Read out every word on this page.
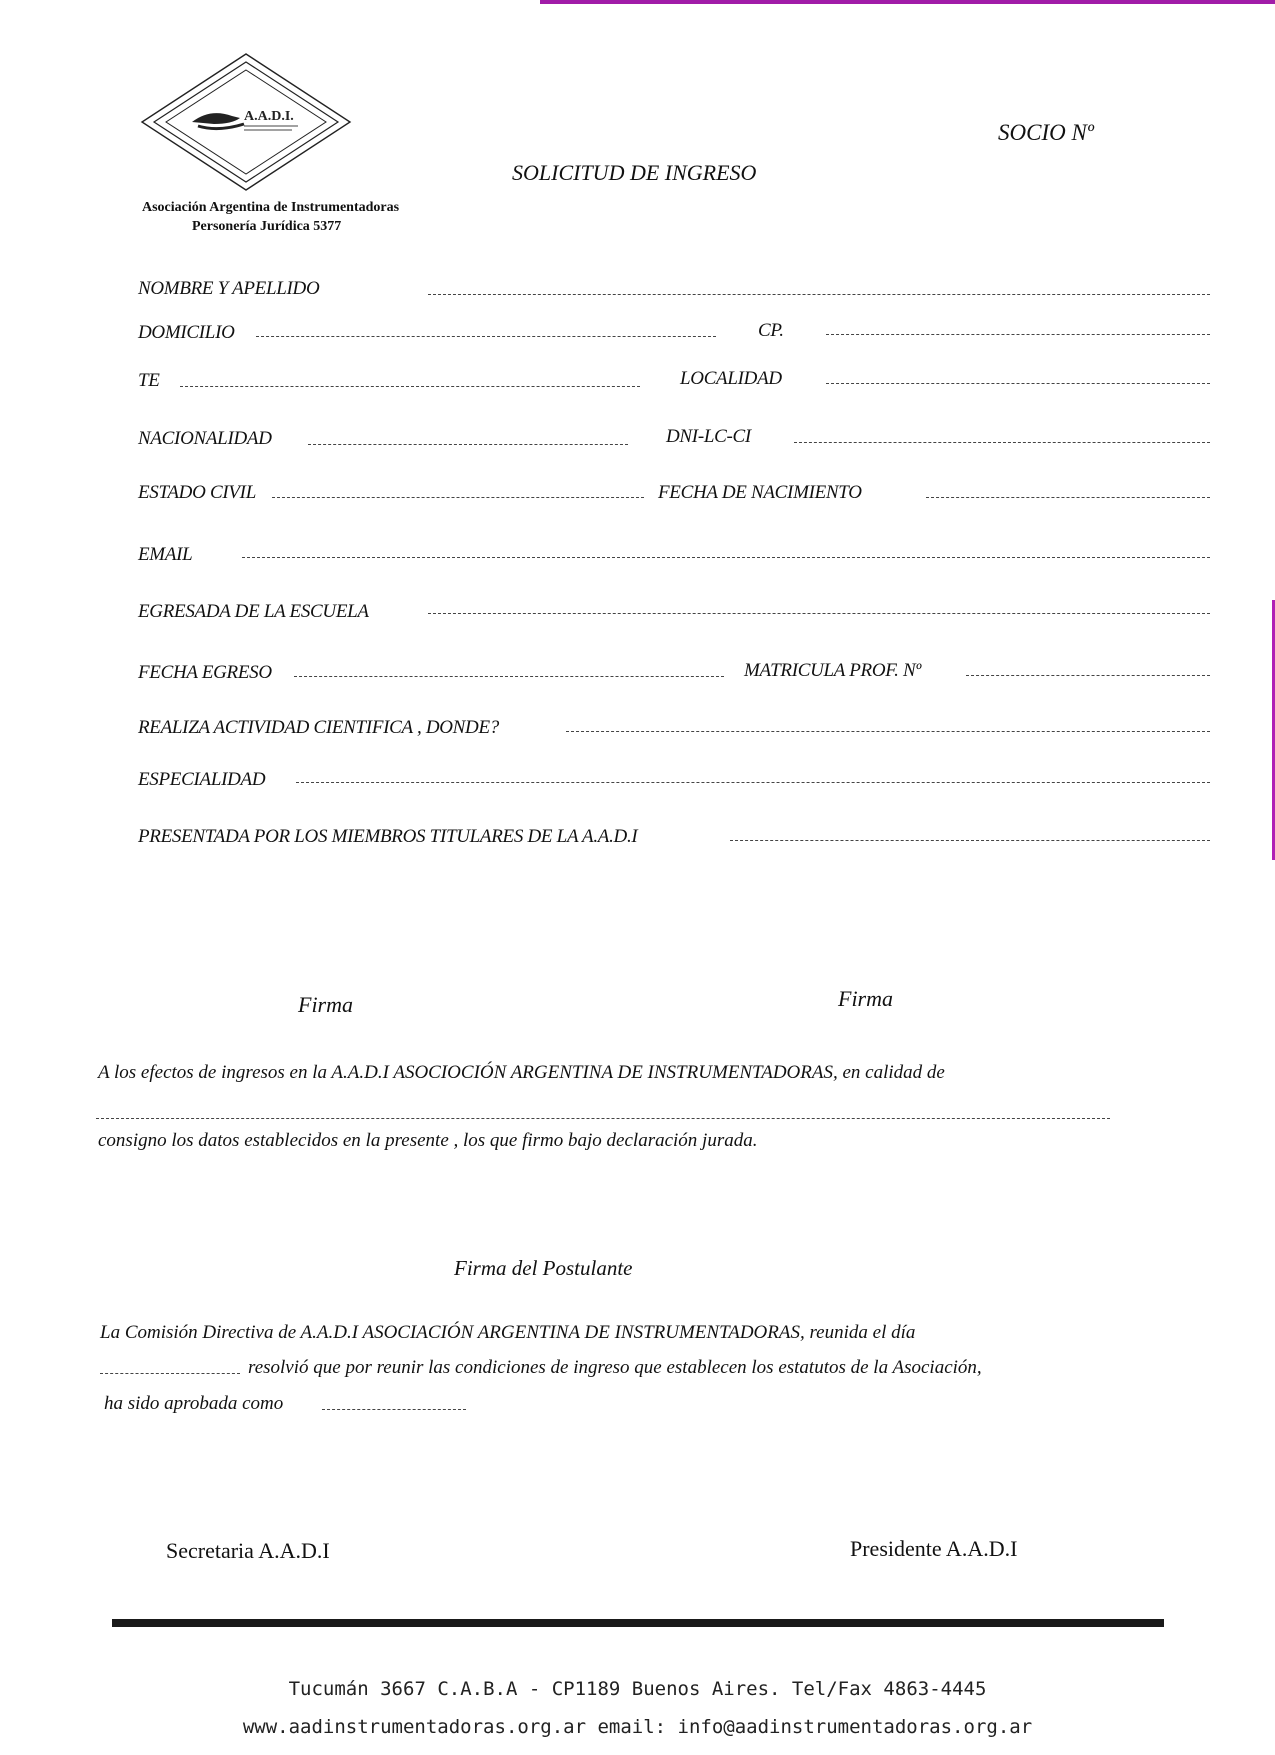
A.A.D.I.
Asociación Argentina de Instrumentadoras
Personería Jurídica 5377
SOLICITUD DE INGRESO
SOCIO Nº
NOMBRE Y APELLIDO
DOMICILIO	CP.
TE	LOCALIDAD
NACIONALIDAD	DNI-LC-CI
ESTADO CIVIL	FECHA DE NACIMIENTO
EMAIL
EGRESADA DE LA ESCUELA
FECHA EGRESO	MATRICULA PROF. Nº
REALIZA ACTIVIDAD CIENTIFICA , DONDE?
ESPECIALIDAD
PRESENTADA POR LOS MIEMBROS TITULARES DE LA A.A.D.I
Firma	Firma
A los efectos de ingresos en la A.A.D.I ASOCIOCIÓN ARGENTINA DE INSTRUMENTADORAS, en calidad de
consigno los datos establecidos en la presente , los que firmo bajo declaración jurada.
Firma del Postulante
La Comisión Directiva de A.A.D.I ASOCIACIÓN ARGENTINA DE INSTRUMENTADORAS, reunida el día
resolvió que por reunir las condiciones de ingreso que establecen los estatutos de la Asociación,
ha sido aprobada como
Secretaria A.A.D.I	Presidente A.A.D.I
Tucumán 3667 C.A.B.A - CP1189 Buenos Aires. Tel/Fax 4863-4445
www.aadinstrumentadoras.org.ar email: info@aadinstrumentadoras.org.ar
